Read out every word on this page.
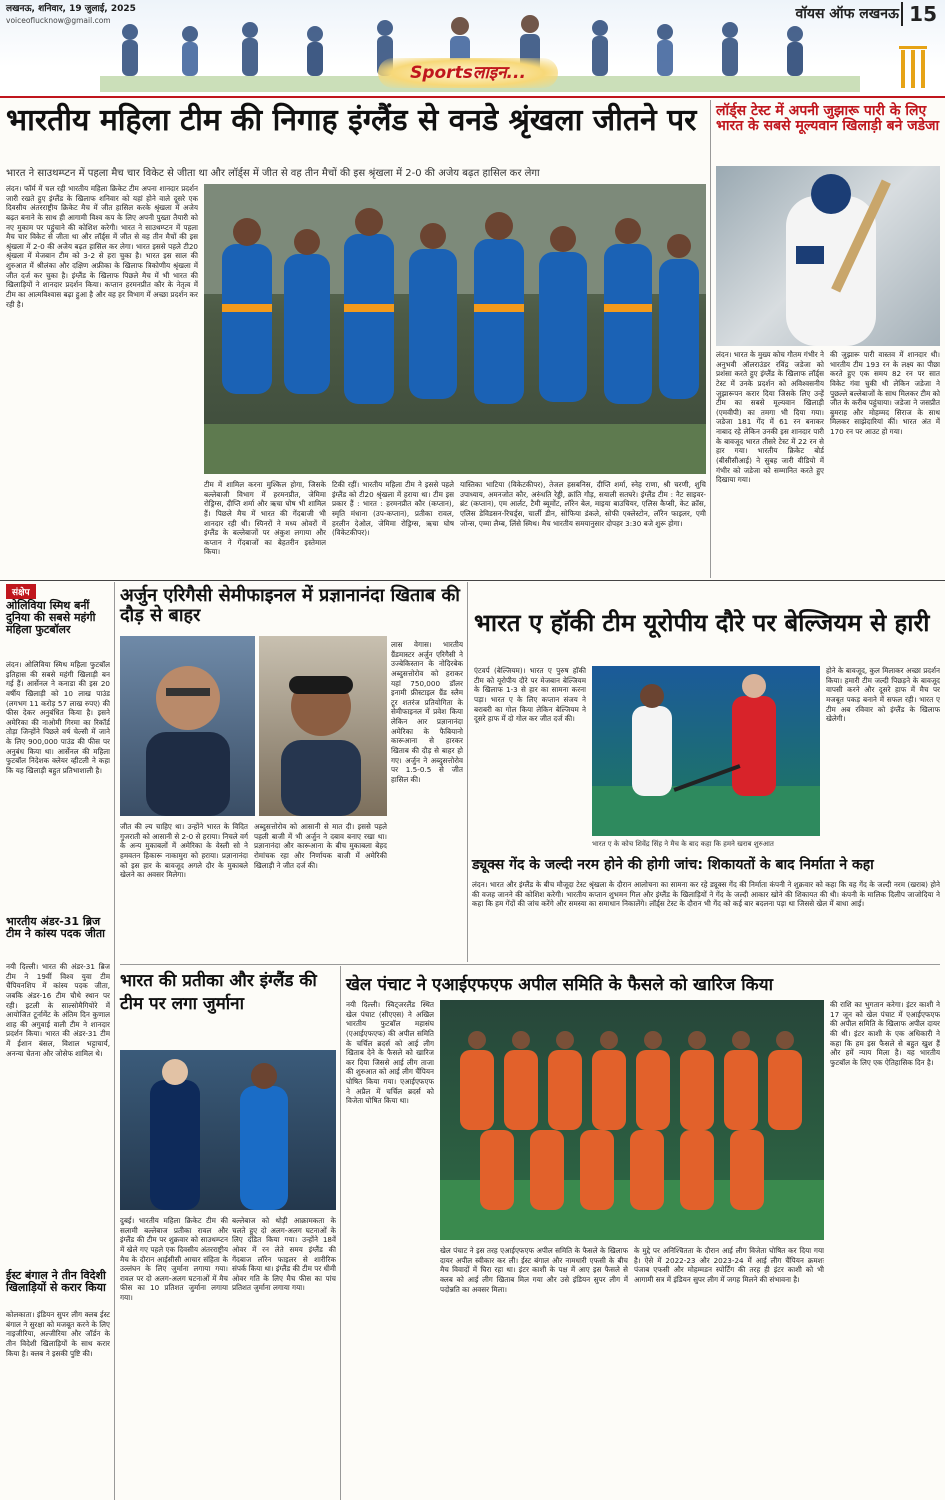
लखनऊ, शनिवार, 19 जुलाई, 2025
voiceoflucknow@gmail.com	वॉयस ऑफ लखनऊ 15
Sportsलाइन...
भारतीय महिला टीम की निगाह इंग्लैंड से वनडे श्रृंखला जीतने पर
भारत ने साउथम्प्टन में पहला मैच चार विकेट से जीता था और लॉर्ड्स में जीत से वह तीन मैचों की इस श्रृंखला में 2-0 की अजेय बढ़त हासिल कर लेगा
लंदन। फॉर्म में चल रही भारतीय महिला क्रिकेट टीम अपना शानदार प्रदर्शन जारी रखते हुए इंग्लैंड के खिलाफ शनिवार को यहां होने वाले दूसरे एक दिवसीय अंतरराष्ट्रीय क्रिकेट मैच में जीत हासिल करके श्रृंखला में अजेय बढ़त बनाने के साथ ही आगामी विश्व कप के लिए अपनी पुख्ता तैयारी को नए मुकाम पर पहुंचाने की कोशिश करेगी। भारत ने साउथम्प्टन में पहला मैच चार विकेट से जीता था और लॉर्ड्स में जीत से वह तीन मैचों की इस श्रृंखला में 2-0 की अजेय बढ़त हासिल कर लेगा। भारत इससे पहले टी20 श्रृंखला में मेजबान टीम को 3-2 से हरा चुका है। भारत इस साल की शुरुआत में श्रीलंका और दक्षिण अफ्रीका के खिलाफ त्रिकोणीय श्रृंखला में जीत दर्ज कर चुका है। इंग्लैंड के खिलाफ पिछले मैच में भी भारत की खिलाड़ियों ने शानदार प्रदर्शन किया। कप्तान हरमनप्रीत कौर के नेतृत्व में टीम का आत्मविश्वास बढ़ा हुआ है और वह हर विभाग में अच्छा प्रदर्शन कर रही है।
टीम में शामिल करना मुश्किल होगा, जिसके बल्लेबाजी विभाग में हरमनप्रीत, जेमिमा रोड्रिग्स, दीप्ति शर्मा और ऋचा घोष भी शामिल हैं। पिछले मैच में भारत की गेंदबाजी भी शानदार रही थी। स्पिनरों ने मध्य ओवरों में इंग्लैंड के बल्लेबाजों पर अंकुश लगाया और कप्तान ने गेंदबाजों का बेहतरीन इस्तेमाल किया।
टिकी रहीं। भारतीय महिला टीम ने इससे पहले इंग्लैंड को टी20 श्रृंखला में हराया था। टीम इस प्रकार हैं : भारत : हरमनप्रीत कौर (कप्तान), स्मृति मंधाना (उप-कप्तान), प्रतीका रावल, हरलीन देओल, जेमिमा रोड्रिग्स, ऋचा घोष (विकेटकीपर)।
यास्तिका भाटिया (विकेटकीपर), तेजल हसबनिस, दीप्ति शर्मा, स्नेह राणा, श्री चरणी, शुचि उपाध्याय, अमनजोत कौर, अरुंधति रेड्डी, क्रांति गौड़, सयाली सतघरे। इंग्लैंड टीम : नैट साइवर-ब्रंट (कप्तान), एम आर्लट, टैमी ब्यूमोंट, लॉरेन बेल, माइया बाउचियर, एलिस कैप्सी, केट क्रॉस, एलिस डेविडसन-रिचर्ड्स, चार्ली डीन, सोफिया डंकले, सोफी एक्लेस्टोन, लॉरेन फाइलर, एमी जोन्स, एम्मा लैम्ब, लिंसे स्मिथ। मैच भारतीय समयानुसार दोपहर 3:30 बजे शुरू होगा।
लॉर्ड्स टेस्ट में अपनी जुझारू पारी के लिए भारत के सबसे मूल्यवान खिलाड़ी बने जडेजा
लंदन। भारत के मुख्य कोच गौतम गंभीर ने अनुभवी ऑलराउंडर रविंद्र जडेजा को प्रशंसा करते हुए इंग्लैंड के खिलाफ लॉर्ड्स टेस्ट में उनके प्रदर्शन को अविश्वसनीय जुझारूपन करार दिया जिसके लिए उन्हें टीम का सबसे मूल्यवान खिलाड़ी (एमवीपी) का तमगा भी दिया गया। जडेजा 181 गेंद में 61 रन बनाकर नाबाद रहे लेकिन उनकी इस शानदार पारी के बावजूद भारत तीसरे टेस्ट में 22 रन से हार गया। भारतीय क्रिकेट बोर्ड (बीसीसीआई) ने सुबह जारी वीडियो में गंभीर को जडेजा को सम्मानित करते हुए दिखाया गया।
की जुझारू पारी वास्तव में शानदार थी। भारतीय टीम 193 रन के लक्ष्य का पीछा करते हुए एक समय 82 रन पर सात विकेट गंवा चुकी थी लेकिन जडेजा ने पुछल्ले बल्लेबाजों के साथ मिलकर टीम को जीत के करीब पहुंचाया। जडेजा ने जसप्रीत बुमराह और मोहम्मद सिराज के साथ मिलकर साझेदारियां कीं। भारत अंत में 170 रन पर आउट हो गया।
संक्षेप
ओलिविया स्मिथ बनीं दुनिया की सबसे महंगी महिला फुटबॉलर
लंदन। ओलिविया स्मिथ महिला फुटबॉल इतिहास की सबसे महंगी खिलाड़ी बन गई हैं। आर्सेनल ने कनाडा की इस 20 वर्षीय खिलाड़ी को 10 लाख पाउंड (लगभग 11 करोड़ 57 लाख रुपए) की फीस देकर अनुबंधित किया है। इसने अमेरिका की नाओमी गिरमा का रिकॉर्ड तोड़ा जिन्होंने पिछले वर्ष चेल्सी में जाने के लिए 900,000 पाउंड की फीस पर अनुबंध किया था। आर्सेनल की महिला फुटबॉल निदेशक क्लेयर व्हीटली ने कहा कि यह खिलाड़ी बहुत प्रतिभाशाली है।
भारतीय अंडर-31 ब्रिज टीम ने कांस्य पदक जीता
नयी दिल्ली। भारत की अंडर-31 ब्रिज टीम ने 19वीं विश्व युवा टीम चैंपियनशिप में कांस्य पदक जीता, जबकि अंडर-16 टीम चौथे स्थान पर रही। इटली के साल्सोमैगियोरे में आयोजित टूर्नामेंट के अंतिम दिन कुणाल शाह की अगुवाई वाली टीम ने शानदार प्रदर्शन किया। भारत की अंडर-31 टीम में ईशान बंसल, विशाल भट्टाचार्य, अनन्या चेतना और जोसेफ शामिल थे।
ईस्ट बंगाल ने तीन विदेशी खिलाड़ियों से करार किया
कोलकाता। इंडियन सुपर लीग क्लब ईस्ट बंगाल ने सुरक्षा को मजबूत करने के लिए नाइजीरिया, अल्जीरिया और जॉर्डन के तीन विदेशी खिलाड़ियों के साथ करार किया है। क्लब ने इसकी पुष्टि की।
अर्जुन एरिगैसी सेमीफाइनल में प्रज्ञानानंदा खिताब की दौड़ से बाहर
लास वेगास। भारतीय ग्रैंडमास्टर अर्जुन एरिगैसी ने उज्बेकिस्तान के नोदिरबेक अब्दुसत्तोरोव को हराकर यहां 750,000 डॉलर इनामी फ्रीस्टाइल ग्रैंड स्लैम टूर शतरंज प्रतियोगिता के सेमीफाइनल में प्रवेश किया लेकिन आर प्रज्ञानानंदा अमेरिका के फैबियानो कारूआना से हारकर खिताब की दौड़ से बाहर हो गए। अर्जुन ने अब्दुसत्तोरोव पर 1.5-0.5 से जीत हासिल की।
जीत की ल्य चाहिए था। उन्होंने भारत के विदित गुजराती को आसानी से 2-0 से हराया। निचले वर्ग के अन्य मुकाबलों में अमेरिका के वेस्ली सो ने हमवतन हिकारू नाकामुरा को हराया। प्रज्ञानानंदा को इस हार के बावजूद अगले दौर के मुकाबले खेलने का अवसर मिलेगा।
अब्दुसत्तोरोव को आसानी से मात दी। इससे पहले पहली बाजी में भी अर्जुन ने दबाव बनाए रखा था। प्रज्ञानानंदा और कारूआना के बीच मुकाबला बेहद रोमांचक रहा और निर्णायक बाजी में अमेरिकी खिलाड़ी ने जीत दर्ज की।
भारत ए हॉकी टीम यूरोपीय दौरे पर बेल्जियम से हारी
एंटवर्प (बेल्जियम)। भारत ए पुरुष हॉकी टीम को यूरोपीय दौरे पर मेजबान बेल्जियम के खिलाफ 1-3 से हार का सामना करना पड़ा। भारत ए के लिए कप्तान संजय ने बराबरी का गोल किया लेकिन बेल्जियम ने दूसरे हाफ में दो गोल कर जीत दर्ज की।
भारत ए के कोच शिवेंद्र सिंह ने मैच के बाद कहा कि हमने खराब शुरुआत
होने के बावजूद, कुल मिलाकर अच्छा प्रदर्शन किया। हमारी टीम जल्दी पिछड़ने के बावजूद वापसी करने और दूसरे हाफ में मैच पर मजबूत पकड़ बनाने में सफल रही। भारत ए टीम अब रविवार को इंग्लैंड के खिलाफ खेलेगी।
ड्यूक्स गेंद के जल्दी नरम होने की होगी जांच: शिकायतों के बाद निर्माता ने कहा
लंदन। भारत और इंग्लैंड के बीच मौजूदा टेस्ट श्रृंखला के दौरान आलोचना का सामना कर रहे ड्यूक्स गेंद की निर्माता कंपनी ने शुक्रवार को कहा कि वह गेंद के जल्दी नरम (खराब) होने की वजह जानने की कोशिश करेगी। भारतीय कप्तान शुभमन गिल और इंग्लैंड के खिलाड़ियों ने गेंद के जल्दी आकार खोने की शिकायत की थी। कंपनी के मालिक दिलीप जाजोदिया ने कहा कि हम गेंदों की जांच करेंगे और समस्या का समाधान निकालेंगे। लॉर्ड्स टेस्ट के दौरान भी गेंद को कई बार बदलना पड़ा था जिससे खेल में बाधा आई।
भारत की प्रतीका और इंग्लैंड की टीम पर लगा जुर्माना
दुबई। भारतीय महिला क्रिकेट टीम की सलामी बल्लेबाज प्रतीका रावल और इंग्लैंड की टीम पर शुक्रवार को साउथम्प्टन में खेले गए पहले एक दिवसीय अंतरराष्ट्रीय मैच के दौरान आईसीसी आचार संहिता के उल्लंघन के लिए जुर्माना लगाया गया। रावल पर दो अलग-अलग घटनाओं में मैच फीस का 10 प्रतिशत जुर्माना लगाया गया।
बल्लेबाज को थोड़ी आक्रामकता के चलते हुए दो अलग-अलग घटनाओं के लिए दंडित किया गया। उन्होंने 18वें ओवर में रन लेते समय इंग्लैंड की गेंदबाज लॉरेन फाइलर से शारीरिक संपर्क किया था। इंग्लैंड की टीम पर धीमी ओवर गति के लिए मैच फीस का पांच प्रतिशत जुर्माना लगाया गया।
खेल पंचाट ने एआईएफएफ अपील समिति के फैसले को खारिज किया
नयी दिल्ली। स्विट्जरलैंड स्थित खेल पंचाट (सीएएस) ने अखिल भारतीय फुटबॉल महासंघ (एआईएफएफ) की अपील समिति के चर्चिल ब्रदर्स को आई लीग खिताब देने के फैसले को खारिज कर दिया जिससे आई लीग ताजा की शुरुआत को आई लीग चैंपियन घोषित किया गया। एआईएफएफ ने अप्रैल में चर्चिल ब्रदर्स को विजेता घोषित किया था।
खेल पंचाट ने इस तरह एआईएफएफ अपील समिति के फैसले के खिलाफ दायर अपील स्वीकार कर ली। ईस्ट बंगाल और नामधारी एफसी के बीच मैच विवादों में घिरा रहा था। इंटर काशी के पक्ष में आए इस फैसले से क्लब को आई लीग खिताब मिल गया और उसे इंडियन सुपर लीग में पदोन्नति का अवसर मिला।
के मुद्दे पर अनिश्चितता के दौरान आई लीग विजेता घोषित कर दिया गया है। ऐसे में 2022-23 और 2023-24 में आई लीग चैंपियन क्रमशः पंजाब एफसी और मोहम्मडन स्पोर्टिंग की तरह ही इंटर काशी को भी आगामी सत्र में इंडियन सुपर लीग में जगह मिलने की संभावना है।
की राशि का भुगतान करेगा। इंटर काशी ने 17 जून को खेल पंचाट में एआईएफएफ की अपील समिति के खिलाफ अपील दायर की थी। इंटर काशी के एक अधिकारी ने कहा कि हम इस फैसले से बहुत खुश हैं और हमें न्याय मिला है। यह भारतीय फुटबॉल के लिए एक ऐतिहासिक दिन है।
